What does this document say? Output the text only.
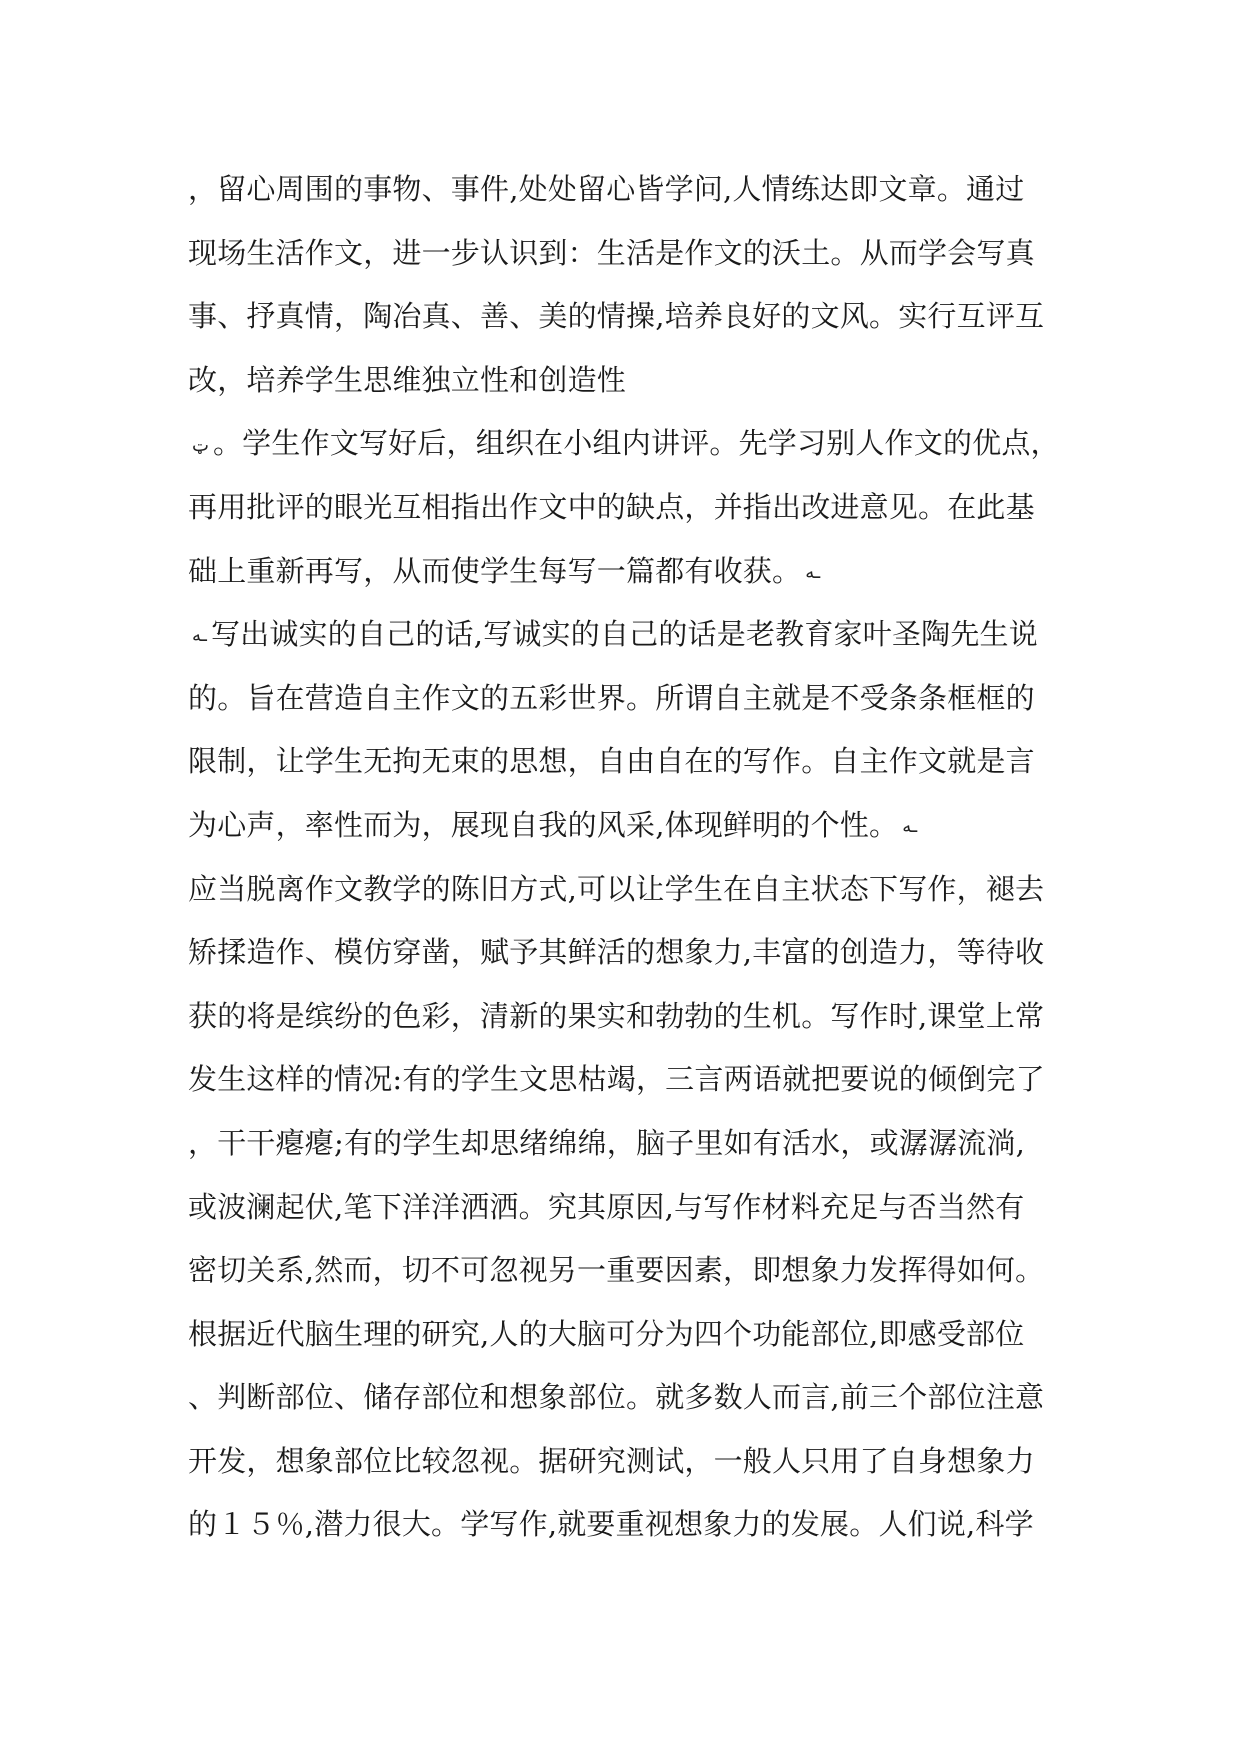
，留心周围的事物、事件,处处留心皆学问,人情练达即文章。通过
现场生活作文，进一步认识到：生活是作文的沃土。从而学会写真
事、抒真情，陶冶真、善、美的情操,培养良好的文风。实行互评互
改，培养学生思维独立性和创造性
ټ 。学生作文写好后，组织在小组内讲评。先学习别人作文的优点，
再用批评的眼光互相指出作文中的缺点，并指出改进意见。在此基
础上重新再写，从而使学生每写一篇都有收获。 ـه
ـه 写出诚实的自己的话,写诚实的自己的话是老教育家叶圣陶先生说
的。旨在营造自主作文的五彩世界。所谓自主就是不受条条框框的
限制，让学生无拘无束的思想，自由自在的写作。自主作文就是言
为心声，率性而为，展现自我的风采,体现鲜明的个性。 ـه
应当脱离作文教学的陈旧方式,可以让学生在自主状态下写作，褪去
矫揉造作、模仿穿凿，赋予其鲜活的想象力,丰富的创造力，等待收
获的将是缤纷的色彩，清新的果实和勃勃的生机。写作时,课堂上常
发生这样的情况:有的学生文思枯竭，三言两语就把要说的倾倒完了
，干干瘪瘪;有的学生却思绪绵绵，脑子里如有活水，或潺潺流淌,
或波澜起伏,笔下洋洋洒洒。究其原因,与写作材料充足与否当然有
密切关系,然而，切不可忽视另一重要因素，即想象力发挥得如何。
根据近代脑生理的研究,人的大脑可分为四个功能部位,即感受部位
、判断部位、储存部位和想象部位。就多数人而言,前三个部位注意
开发，想象部位比较忽视。据研究测试，一般人只用了自身想象力
的１５％,潜力很大。学写作,就要重视想象力的发展。人们说,科学
